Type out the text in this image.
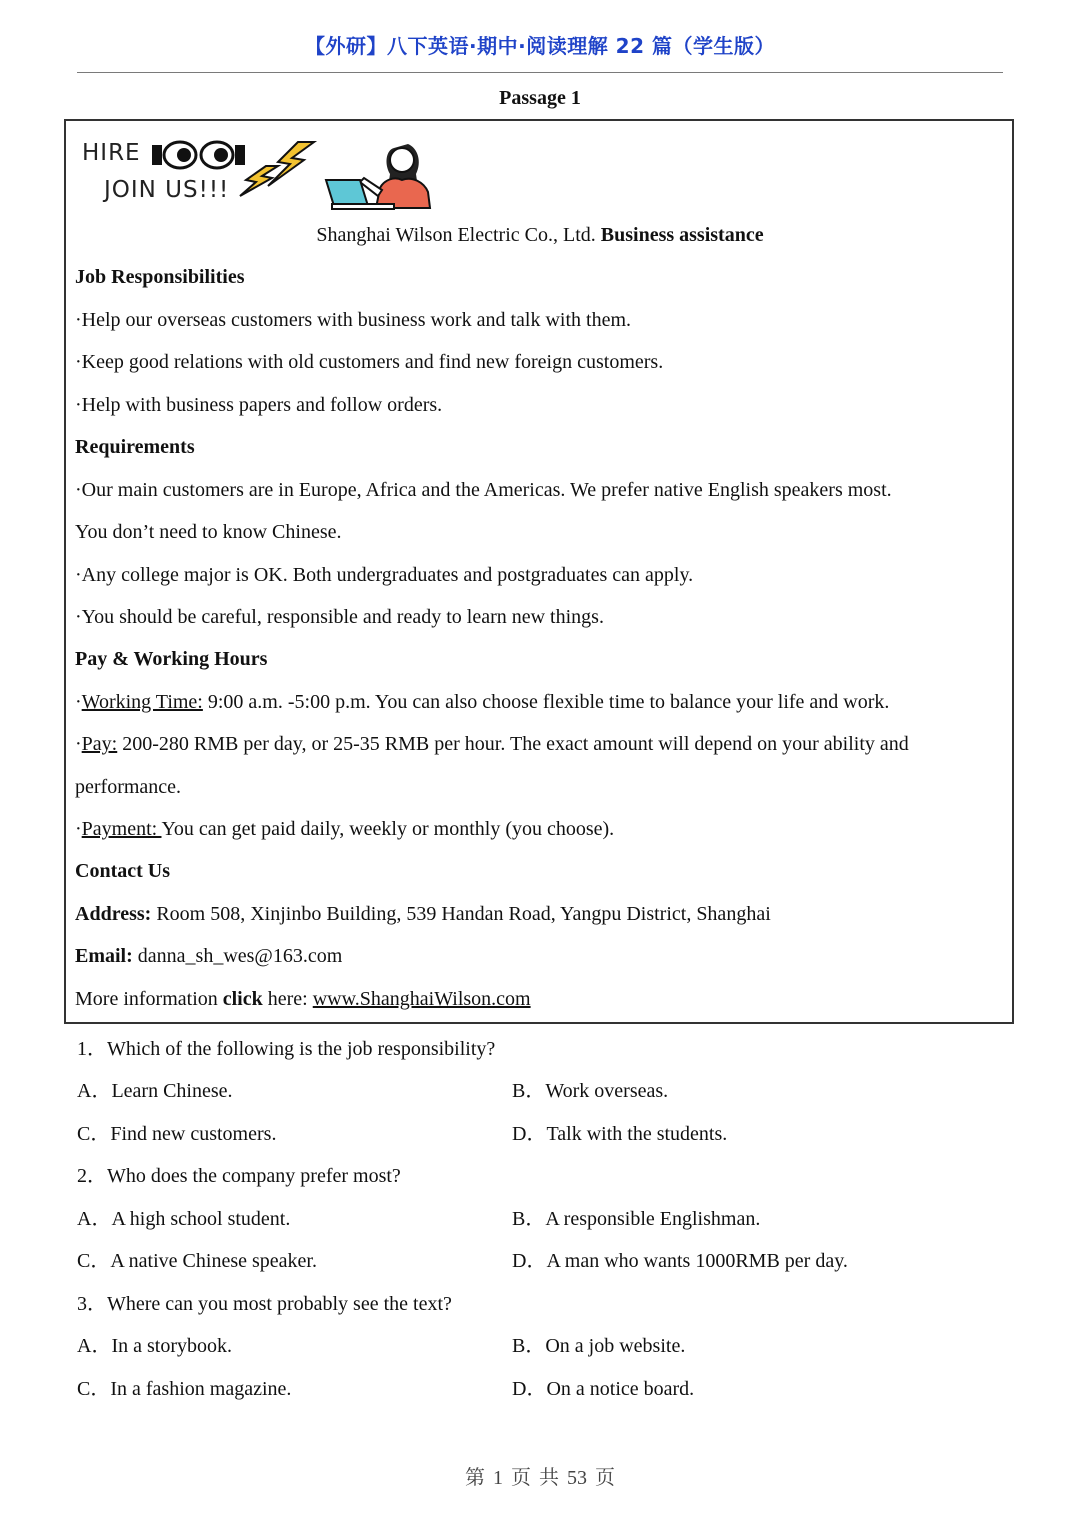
【外研】八下英语·期中·阅读理解 22 篇（学生版）
Passage 1
HIRE
JOIN US!!!
Shanghai Wilson Electric Co., Ltd. Business assistance
Job Responsibilities
·Help our overseas customers with business work and talk with them.
·Keep good relations with old customers and find new foreign customers.
·Help with business papers and follow orders.
Requirements
·Our main customers are in Europe, Africa and the Americas. We prefer native English speakers most.
You don’t need to know Chinese.
·Any college major is OK. Both undergraduates and postgraduates can apply.
·You should be careful, responsible and ready to learn new things.
Pay & Working Hours
·Working Time: 9:00 a.m. -5:00 p.m. You can also choose flexible time to balance your life and work.
·Pay: 200-280 RMB per day, or 25-35 RMB per hour. The exact amount will depend on your ability and
performance.
·Payment: You can get paid daily, weekly or monthly (you choose).
Contact Us
Address: Room 508, Xinjinbo Building, 539 Handan Road, Yangpu District, Shanghai
Email: danna_sh_wes@163.com
More information click here: www.ShanghaiWilson.com
1．Which of the following is the job responsibility?
A．Learn Chinese.	B．Work overseas.
C．Find new customers.	D．Talk with the students.
2．Who does the company prefer most?
A．A high school student.	B．A responsible Englishman.
C．A native Chinese speaker.	D．A man who wants 1000RMB per day.
3．Where can you most probably see the text?
A．In a storybook.	B．On a job website.
C．In a fashion magazine.	D．On a notice board.
第 1 页 共 53 页
